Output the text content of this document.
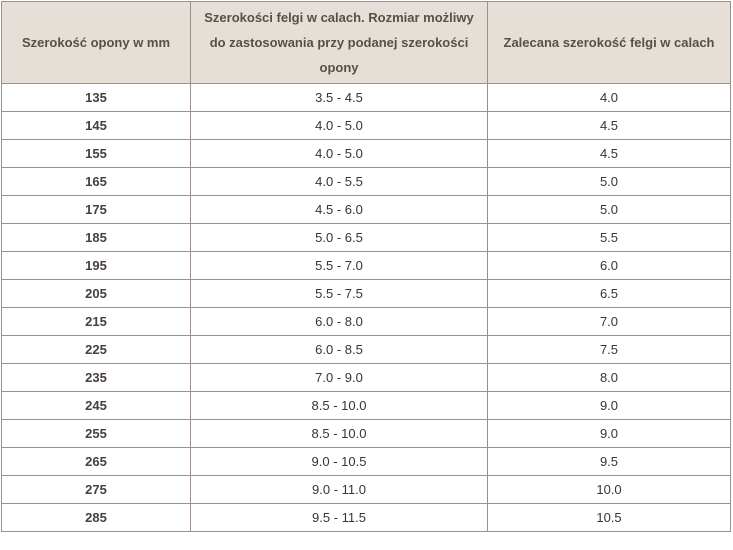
Szerokość opony w mm	Szerokości felgi w calach. Rozmiar możliwy do zastosowania przy podanej szerokości opony	Zalecana szerokość felgi w calach
135	3.5 - 4.5	4.0
145	4.0 - 5.0	4.5
155	4.0 - 5.0	4.5
165	4.0 - 5.5	5.0
175	4.5 - 6.0	5.0
185	5.0 - 6.5	5.5
195	5.5 - 7.0	6.0
205	5.5 - 7.5	6.5
215	6.0 - 8.0	7.0
225	6.0 - 8.5	7.5
235	7.0 - 9.0	8.0
245	8.5 - 10.0	9.0
255	8.5 - 10.0	9.0
265	9.0 - 10.5	9.5
275	9.0 - 11.0	10.0
285	9.5 - 11.5	10.5
